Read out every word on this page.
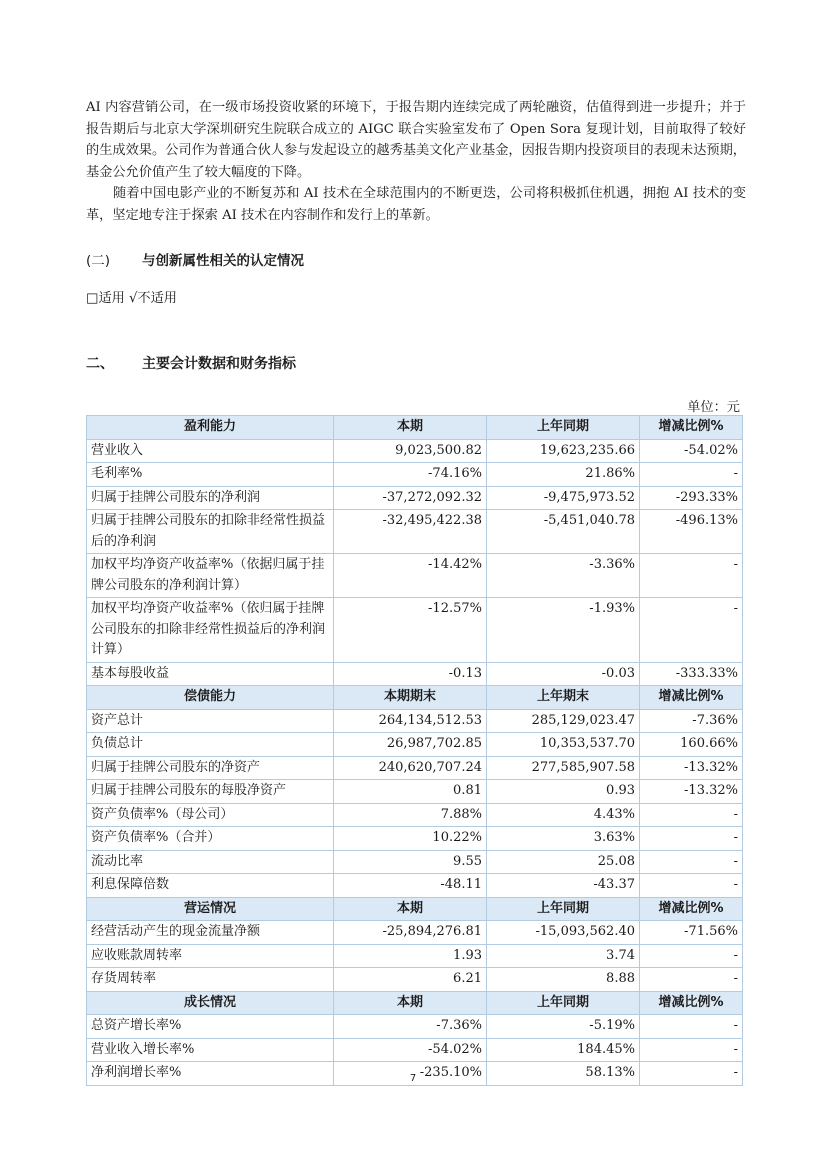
AI 内容营销公司，在一级市场投资收紧的环境下，于报告期内连续完成了两轮融资，估值得到进一步提升；并于报告期后与北京大学深圳研究生院联合成立的 AIGC 联合实验室发布了 Open Sora 复现计划，目前取得了较好的生成效果。公司作为普通合伙人参与发起设立的越秀基美文化产业基金，因报告期内投资项目的表现未达预期，基金公允价值产生了较大幅度的下降。

随着中国电影产业的不断复苏和 AI 技术在全球范围内的不断更迭，公司将积极抓住机遇，拥抱 AI 技术的变革，坚定地专注于探索 AI 技术在内容制作和发行上的革新。

(二) 与创新属性相关的认定情况
□适用 √不适用
二、 主要会计数据和财务指标
单位：元
盈利能力	本期	上年同期	增减比例%
营业收入	9,023,500.82	19,623,235.66	-54.02%
毛利率%	-74.16%	21.86%	-
归属于挂牌公司股东的净利润	-37,272,092.32	-9,475,973.52	-293.33%
归属于挂牌公司股东的扣除非经常性损益后的净利润	-32,495,422.38	-5,451,040.78	-496.13%
加权平均净资产收益率%（依据归属于挂牌公司股东的净利润计算）	-14.42%	-3.36%	-
加权平均净资产收益率%（依归属于挂牌公司股东的扣除非经常性损益后的净利润计算）	-12.57%	-1.93%	-
基本每股收益	-0.13	-0.03	-333.33%
偿债能力	本期期末	上年期末	增减比例%
资产总计	264,134,512.53	285,129,023.47	-7.36%
负债总计	26,987,702.85	10,353,537.70	160.66%
归属于挂牌公司股东的净资产	240,620,707.24	277,585,907.58	-13.32%
归属于挂牌公司股东的每股净资产	0.81	0.93	-13.32%
资产负债率%（母公司）	7.88%	4.43%	-
资产负债率%（合并）	10.22%	3.63%	-
流动比率	9.55	25.08	-
利息保障倍数	-48.11	-43.37	-
营运情况	本期	上年同期	增减比例%
经营活动产生的现金流量净额	-25,894,276.81	-15,093,562.40	-71.56%
应收账款周转率	1.93	3.74	-
存货周转率	6.21	8.88	-
成长情况	本期	上年同期	增减比例%
总资产增长率%	-7.36%	-5.19%	-
营业收入增长率%	-54.02%	184.45%	-
净利润增长率%	-235.10%	58.13%	-
7
